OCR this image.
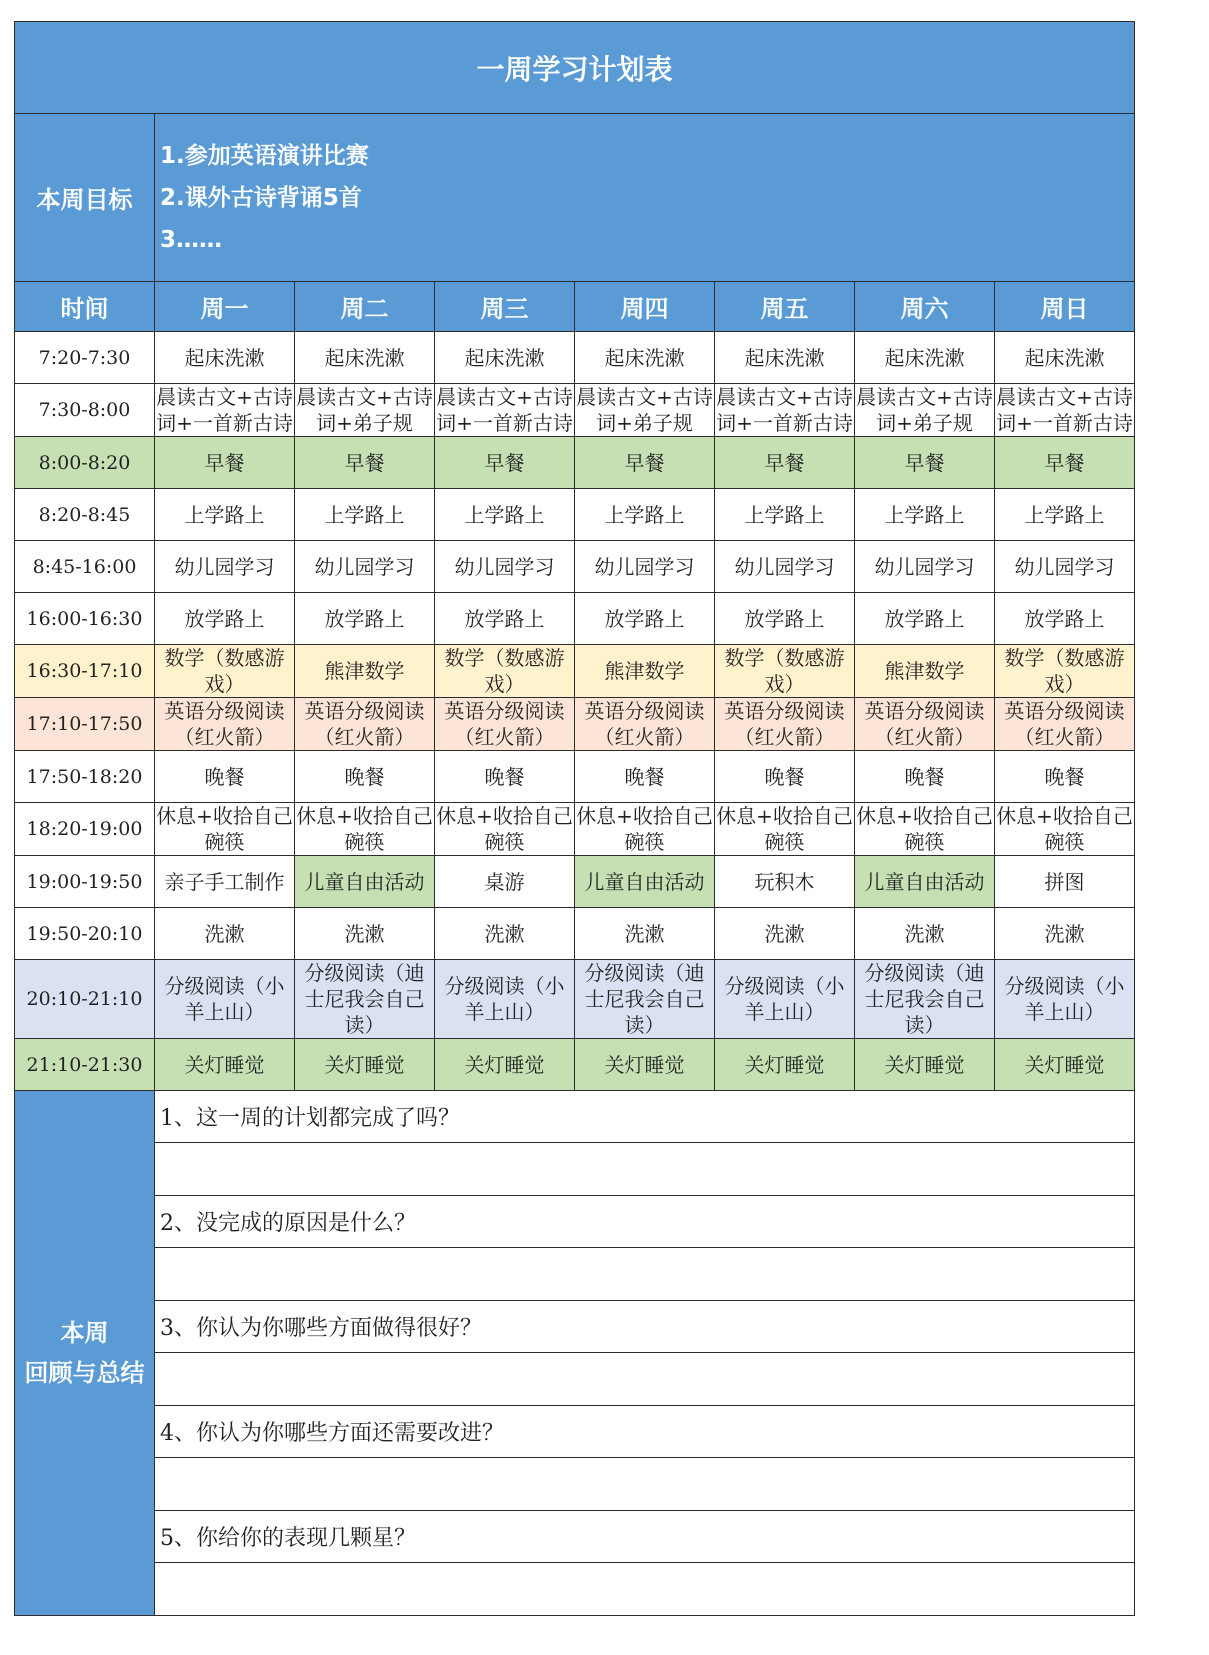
一周学习计划表							
本周目标	1.参加英语演讲比赛
2.课外古诗背诵5首
3……						

时间	周一	周二	周三	周四	周五	周六	周日
7:20-7:30	起床洗漱	起床洗漱	起床洗漱	起床洗漱	起床洗漱	起床洗漱	起床洗漱
7:30-8:00	晨读古文+古诗词+一首新古诗	晨读古文+古诗词+弟子规	晨读古文+古诗词+一首新古诗	晨读古文+古诗词+弟子规	晨读古文+古诗词+一首新古诗	晨读古文+古诗词+弟子规	晨读古文+古诗词+一首新古诗
8:00-8:20	早餐	早餐	早餐	早餐	早餐	早餐	早餐
8:20-8:45	上学路上	上学路上	上学路上	上学路上	上学路上	上学路上	上学路上
8:45-16:00	幼儿园学习	幼儿园学习	幼儿园学习	幼儿园学习	幼儿园学习	幼儿园学习	幼儿园学习
16:00-16:30	放学路上	放学路上	放学路上	放学路上	放学路上	放学路上	放学路上
16:30-17:10	数学（数感游戏）	熊津数学	数学（数感游戏）	熊津数学	数学（数感游戏）	熊津数学	数学（数感游戏）
17:10-17:50	英语分级阅读（红火箭）	英语分级阅读（红火箭）	英语分级阅读（红火箭）	英语分级阅读（红火箭）	英语分级阅读（红火箭）	英语分级阅读（红火箭）	英语分级阅读（红火箭）
17:50-18:20	晚餐	晚餐	晚餐	晚餐	晚餐	晚餐	晚餐
18:20-19:00	休息+收拾自己碗筷	休息+收拾自己碗筷	休息+收拾自己碗筷	休息+收拾自己碗筷	休息+收拾自己碗筷	休息+收拾自己碗筷	休息+收拾自己碗筷
19:00-19:50	亲子手工制作	儿童自由活动	桌游	儿童自由活动	玩积木	儿童自由活动	拼图
19:50-20:10	洗漱	洗漱	洗漱	洗漱	洗漱	洗漱	洗漱
20:10-21:10	分级阅读（小羊上山）	分级阅读（迪士尼我会自己读）	分级阅读（小羊上山）	分级阅读（迪士尼我会自己读）	分级阅读（小羊上山）	分级阅读（迪士尼我会自己读）	分级阅读（小羊上山）
21:10-21:30	关灯睡觉	关灯睡觉	关灯睡觉	关灯睡觉	关灯睡觉	关灯睡觉	关灯睡觉

本周
回顾与总结	1、这一周的计划都完成了吗？						

	2、没完成的原因是什么？						

	3、你认为你哪些方面做得很好？						

	4、你认为你哪些方面还需要改进？						

	5、你给你的表现几颗星？						
